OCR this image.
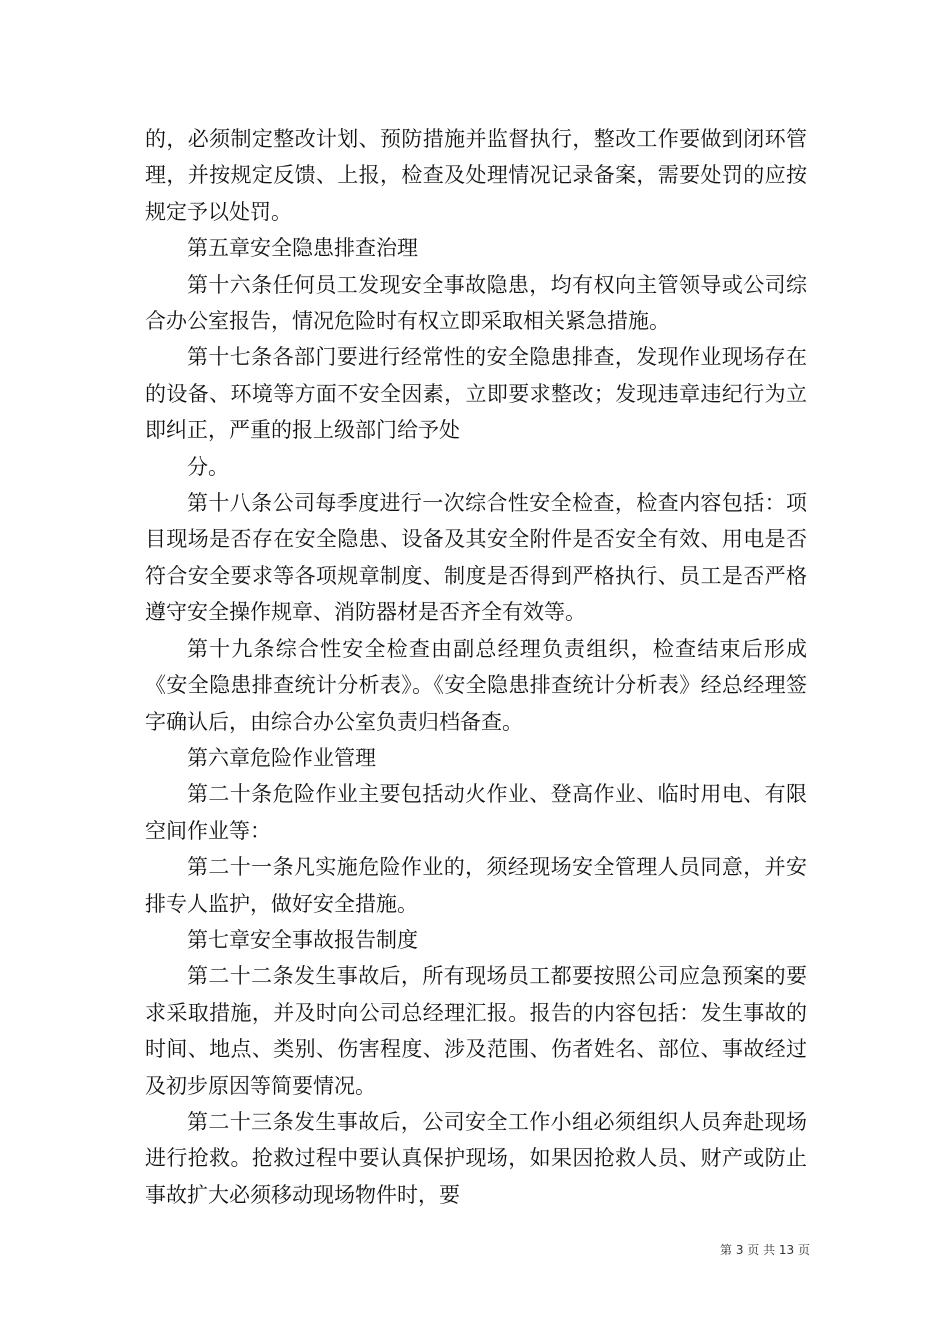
的，必须制定整改计划、预防措施并监督执行，整改工作要做到闭环管理，并按规定反馈、上报，检查及处理情况记录备案，需要处罚的应按规定予以处罚。

第五章安全隐患排查治理

第十六条任何员工发现安全事故隐患，均有权向主管领导或公司综合办公室报告，情况危险时有权立即采取相关紧急措施。

第十七条各部门要进行经常性的安全隐患排查，发现作业现场存在的设备、环境等方面不安全因素，立即要求整改；发现违章违纪行为立即纠正，严重的报上级部门给予处

分。

第十八条公司每季度进行一次综合性安全检查，检查内容包括：项目现场是否存在安全隐患、设备及其安全附件是否安全有效、用电是否符合安全要求等各项规章制度、制度是否得到严格执行、员工是否严格遵守安全操作规章、消防器材是否齐全有效等。

第十九条综合性安全检查由副总经理负责组织，检查结束后形成《安全隐患排查统计分析表》。《安全隐患排查统计分析表》经总经理签字确认后，由综合办公室负责归档备查。

第六章危险作业管理

第二十条危险作业主要包括动火作业、登高作业、临时用电、有限空间作业等：

第二十一条凡实施危险作业的，须经现场安全管理人员同意，并安排专人监护，做好安全措施。

第七章安全事故报告制度

第二十二条发生事故后，所有现场员工都要按照公司应急预案的要求采取措施，并及时向公司总经理汇报。报告的内容包括：发生事故的时间、地点、类别、伤害程度、涉及范围、伤者姓名、部位、事故经过及初步原因等简要情况。

第二十三条发生事故后，公司安全工作小组必须组织人员奔赴现场进行抢救。抢救过程中要认真保护现场，如果因抢救人员、财产或防止事故扩大必须移动现场物件时，要

第 3 页 共 13 页
